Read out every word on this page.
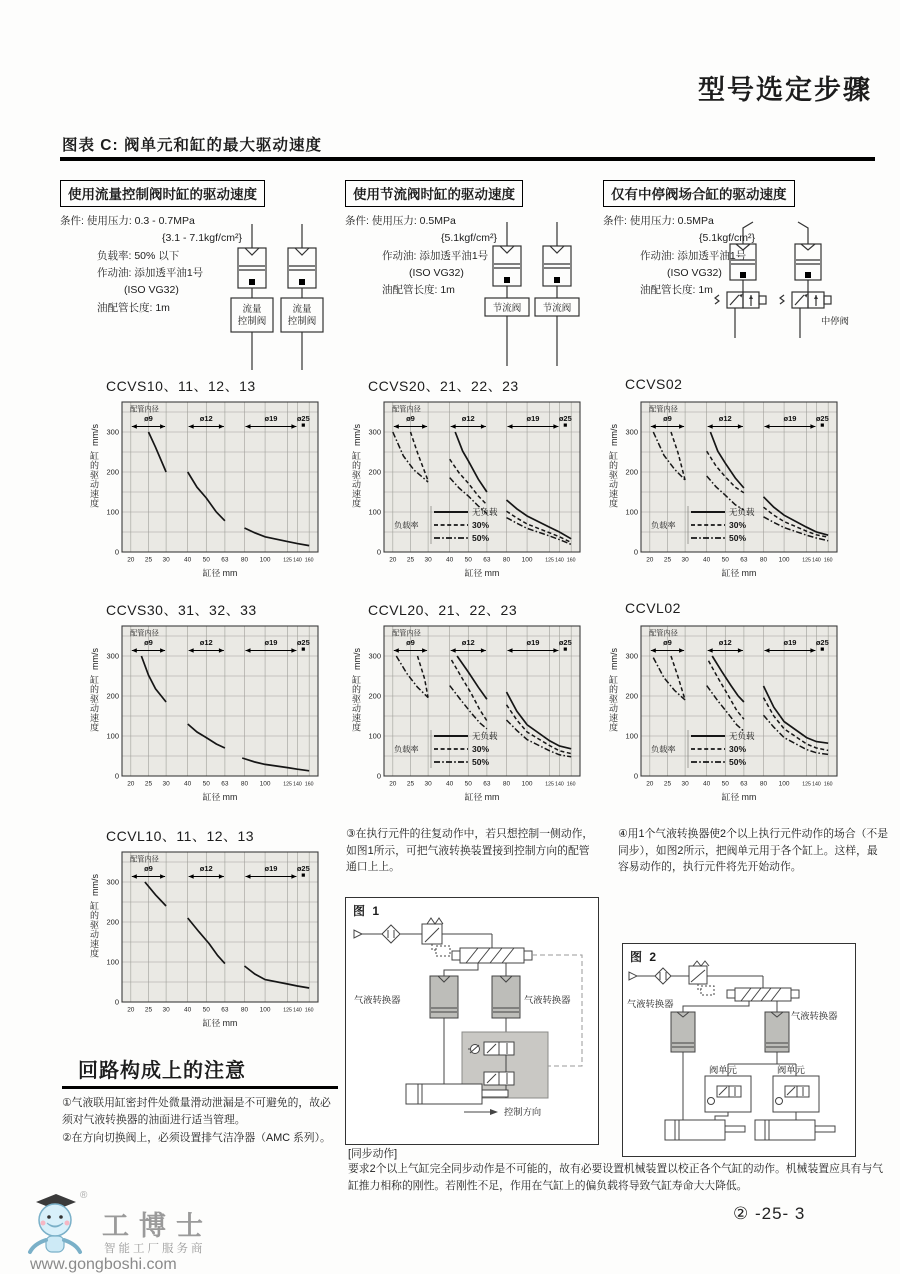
型号选定步骤
图表 C: 阀单元和缸的最大驱动速度
使用流量控制阀时缸的驱动速度
条件: 使用压力: 0.3 - 0.7MPa
{3.1 - 7.1kgf/cm²}
负载率: 50% 以下
作动油: 添加透平油1号
(ISO VG32)
油配管长度: 1m	流量
控制阀
流量
控制阀
使用节流阀时缸的驱动速度
条件: 使用压力: 0.5MPa
{5.1kgf/cm²}
作动油: 添加透平油1号
(ISO VG32)
油配管长度: 1m
节流阀 节流阀
仅有中停阀场合缸的驱动速度
条件: 使用压力: 0.5MPa
{5.1kgf/cm²}
作动油: 添加透平油1号
(ISO VG32)
油配管长度: 1m
中停阀
CCVS10、11、12、13
mm/s
缸的驱动速度
配管内径
ø9	ø12	ø19	ø25
0
100
200
300
20 25 30 40 50 63 80 100 125 140 160
缸径 mm
CCVS20、21、22、23
mm/s
缸的驱动速度
配管内径
ø9	ø12	ø19	ø25
负载率
无负载
30%
50%
0
100
200
300
20 25 30 40 50 63 80 100 125 140 160
缸径 mm
CCVS02
mm/s
缸的驱动速度
配管内径
ø9	ø12	ø19	ø25
负载率
无负载
30%
50%
0
100
200
300
20 25 30 40 50 63 80 100 125 140 160
缸径 mm
CCVS30、31、32、33
mm/s
缸的驱动速度
配管内径
ø9	ø12	ø19	ø25
0
100
200
300
20 25 30 40 50 63 80 100 125 140 160
缸径 mm
CCVL20、21、22、23
mm/s
缸的驱动速度
配管内径
ø9	ø12	ø19	ø25
负载率
无负载
30%
50%
0
100
200
300
20 25 30 40 50 63 80 100 125 140 160
缸径 mm
CCVL02
mm/s
缸的驱动速度
配管内径
ø9	ø12	ø19	ø25
负载率
无负载
30%
50%
0
100
200
300
20 25 30 40 50 63 80 100 125 140 160
缸径 mm
CCVL10、11、12、13
mm/s
缸的驱动速度
配管内径
ø9	ø12	ø19	ø25
0
100
200
300
20 25 30 40 50 63 80 100 125 140 160
缸径 mm
③在执行元件的往复动作中，若只想控制一侧动作，如图1所示，可把气液转换装置接到控制方向的配管通口上上。
④用1个气液转换器使2个以上执行元件动作的场合（不是同步），如图2所示，把阀单元用于各个缸上。这样，最容易动作的，执行元件将先开始动作。
图 1
气液转换器	气液转换器
控制方向
[同步动作]
要求2个以上气缸完全同步动作是不可能的，故有必要设置机械装置以校正各个气缸的动作。机械装置应具有与气缸推力相称的刚性。若刚性不足，作用在气缸上的偏负载将导致气缸寿命大大降低。
图 2
气液转换器
气液转换器
阀单元	阀单元
回路构成上的注意
①气液联用缸密封件处微量滑动泄漏是不可避免的，故必须对气液转换器的油面进行适当管理。
②在方向切换阀上，必须设置排气洁净器（AMC 系列）。
®
工博士
智能工厂服务商
www.gongboshi.com
② -25- 3
